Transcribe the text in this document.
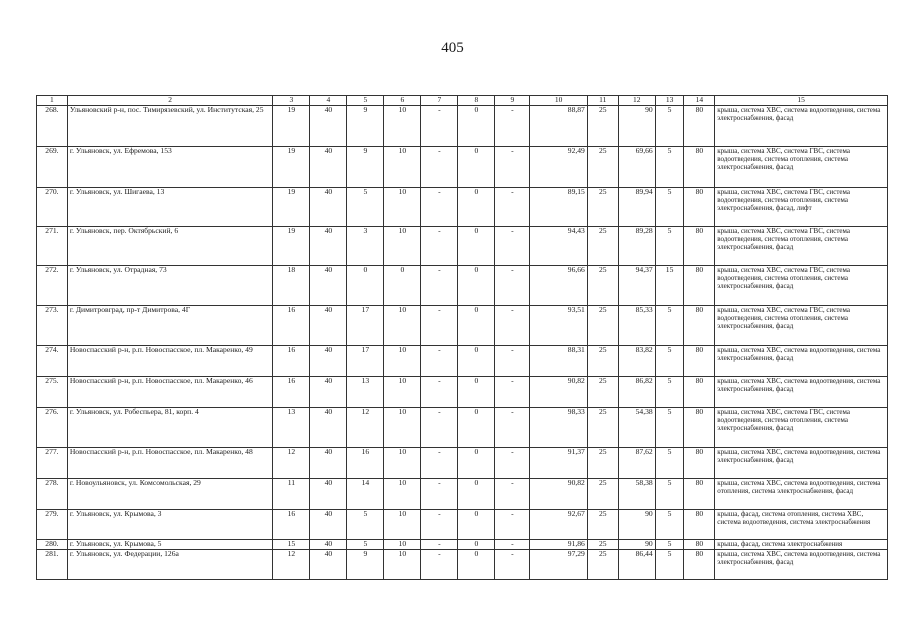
405
1	2	3	4	5	6	7	8	9	10	11	12	13	14	15
268.	Ульяновский р-н, пос. Тимирязевский, ул. Институтская, 25	19	40	9	10	-	0	-	88,87	25	90	5	80	крыша, система ХВС, система водоотведения, система электроснабжения, фасад
269.	г. Ульяновск, ул. Ефремова, 153	19	40	9	10	-	0	-	92,49	25	69,66	5	80	крыша, система ХВС, система ГВС, система водоотведения, система отопления, система электроснабжения, фасад
270.	г. Ульяновск, ул. Шигаева, 13	19	40	5	10	-	0	-	89,15	25	89,94	5	80	крыша, система ХВС, система ГВС, система водоотведения, система отопления, система электроснабжения, фасад, лифт
271.	г. Ульяновск, пер. Октябрьский, 6	19	40	3	10	-	0	-	94,43	25	89,28	5	80	крыша, система ХВС, система ГВС, система водоотведения, система отопления, система электроснабжения, фасад
272.	г. Ульяновск, ул. Отрадная, 73	18	40	0	0	-	0	-	96,66	25	94,37	15	80	крыша, система ХВС, система ГВС, система водоотведения, система отопления, система электроснабжения, фасад
273.	г. Димитровград, пр-т Димитрова, 4Г	16	40	17	10	-	0	-	93,51	25	85,33	5	80	крыша, система ХВС, система ГВС, система водоотведения, система отопления, система электроснабжения, фасад
274.	Новоспасский р-н, р.п. Новоспасское, пл. Макаренко, 49	16	40	17	10	-	0	-	88,31	25	83,82	5	80	крыша, система ХВС, система водоотведения, система электроснабжения, фасад
275.	Новоспасский р-н, р.п. Новоспасское, пл. Макаренко, 46	16	40	13	10	-	0	-	90,82	25	86,82	5	80	крыша, система ХВС, система водоотведения, система электроснабжения, фасад
276.	г. Ульяновск, ул. Робеспьера, 81, корп. 4	13	40	12	10	-	0	-	98,33	25	54,38	5	80	крыша, система ХВС, система ГВС, система водоотведения, система отопления, система электроснабжения, фасад
277.	Новоспасский р-н, р.п. Новоспасское, пл. Макаренко, 48	12	40	16	10	-	0	-	91,37	25	87,62	5	80	крыша, система ХВС, система водоотведения, система электроснабжения, фасад
278.	г. Новоульяновск, ул. Комсомольская, 29	11	40	14	10	-	0	-	90,82	25	58,38	5	80	крыша, система ХВС, система водоотведения, система отопления, система электроснабжения, фасад
279.	г. Ульяновск, ул. Крымова, 3	16	40	5	10	-	0	-	92,67	25	90	5	80	крыша, фасад, система отопления, система ХВС, система водоотведения, система электроснабжения
280.	г. Ульяновск, ул. Крымова, 5	15	40	5	10	-	0	-	91,86	25	90	5	80	крыша, фасад, система электроснабжения
281.	г. Ульяновск, ул. Федерации, 126а	12	40	9	10	-	0	-	97,29	25	86,44	5	80	крыша, система ХВС, система водоотведения, система электроснабжения, фасад
